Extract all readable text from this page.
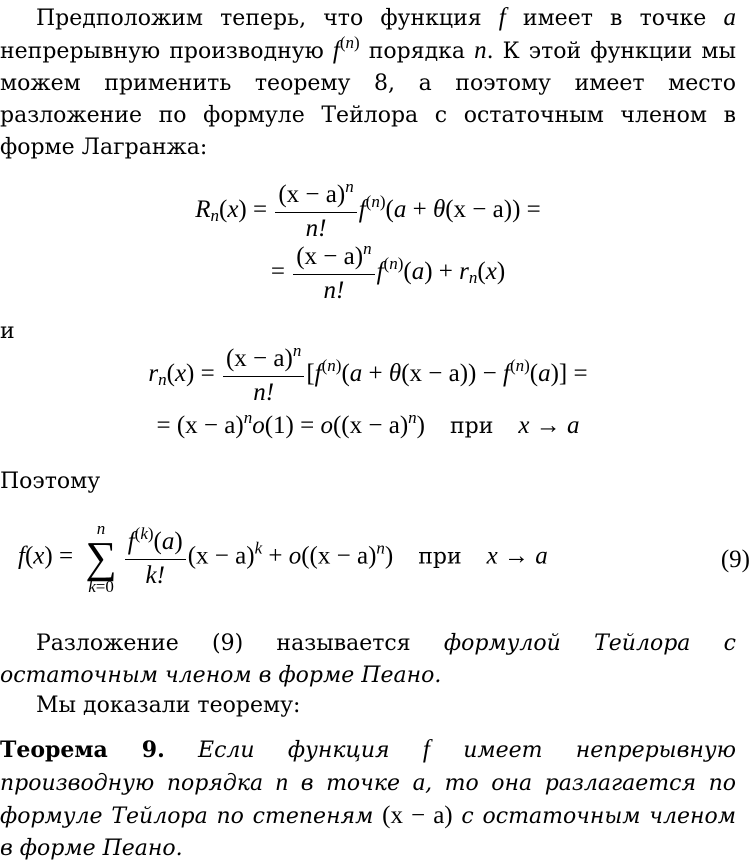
Предположим теперь, что функция f имеет в точке a непрерывную производную $f^{(n)}$ порядка n. К этой функции мы можем применить теорему 8, а поэтому имеет место разложение по формуле Тейлора с остаточным членом в форме Лагранжа:
$R_n(x) = \frac{(x - a)^n}{n!} f^{(n)}(a + \theta(x - a))$ =
= $\frac{(x - a)^n}{n!} f^{(n)}(a) + r_n(x)$
и
$r_n(x) = \frac{(x - a)^n}{n!} [f^{(n)}(a + \theta(x - a)) - f^{(n)}(a)]$ =
= $(x - a)^no(1) = o((x - a)^n)$    при x → a
Поэтому
f(x) =
n
∑
$k=0 \frac{f^{(k)}(a)}{k!} (x - a)^k + o((x - a)^n)$    при x → a	(9)
Разложение (9) называется формулой Тейлора с остаточным членом в форме Пеано.
Мы доказали теорему:
Теорема 9. Если функция f имеет непрерывную производную порядка n в точке a, то она разлагается по формуле Тейлора по степеням (x − a) с остаточным членом в форме Пеано.
